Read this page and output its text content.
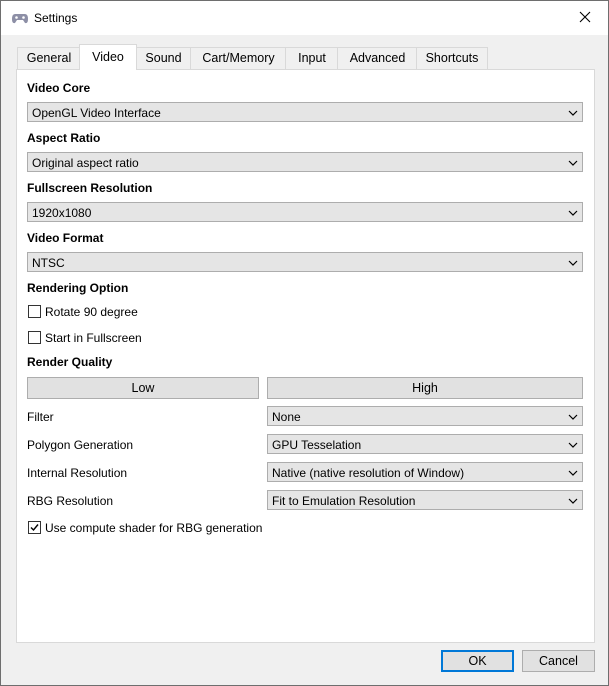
Settings
General	Video	Sound	Cart/Memory	Input	Advanced	Shortcuts
Video Core
OpenGL Video Interface
Aspect Ratio
Original aspect ratio
Fullscreen Resolution
1920x1080
Video Format
NTSC
Rendering Option
Rotate 90 degree
Start in Fullscreen
Render Quality
Low	High
Filter	None
Polygon Generation	GPU Tesselation
Internal Resolution	Native (native resolution of Window)
RBG Resolution	Fit to Emulation Resolution
Use compute shader for RBG generation
OK	Cancel
